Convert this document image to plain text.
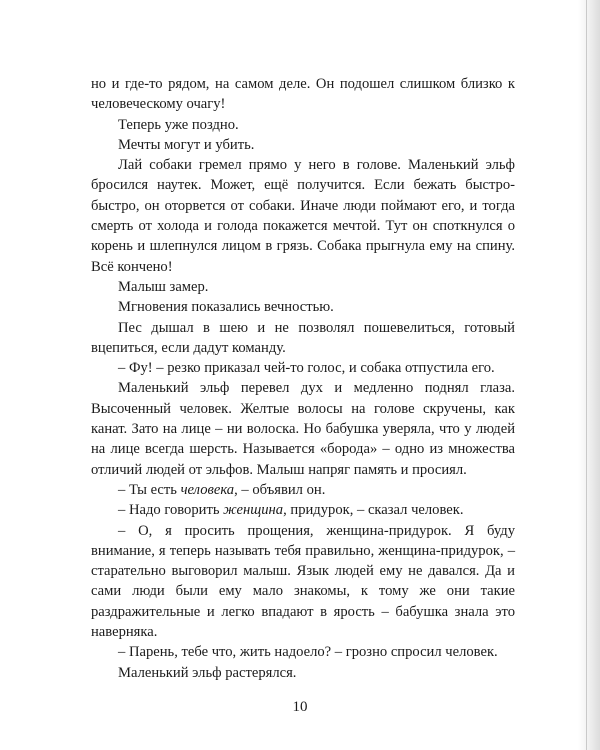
но и где-то рядом, на самом деле. Он подошел слишком близко к человеческому очагу!

Теперь уже поздно.

Мечты могут и убить.

Лай собаки гремел прямо у него в голове. Маленький эльф бросился наутек. Может, ещё получится. Если бежать быстро-быстро, он оторвется от собаки. Иначе люди поймают его, и тогда смерть от холода и голода покажется мечтой. Тут он споткнулся о корень и шлепнулся лицом в грязь. Собака прыгнула ему на спину. Всё кончено!

Малыш замер.

Мгновения показались вечностью.

Пес дышал в шею и не позволял пошевелиться, готовый вцепиться, если дадут команду.

– Фу! – резко приказал чей-то голос, и собака отпустила его.

Маленький эльф перевел дух и медленно поднял глаза. Высоченный человек. Желтые волосы на голове скручены, как канат. Зато на лице – ни волоска. Но бабушка уверяла, что у людей на лице всегда шерсть. Называется «борода» – одно из множества отличий людей от эльфов. Малыш напряг память и просиял.

– Ты есть человека, – объявил он.

– Надо говорить женщина, придурок, – сказал человек.

– О, я просить прощения, женщина-придурок. Я буду внимание, я теперь называть тебя правильно, женщина-придурок, – старательно выговорил малыш. Язык людей ему не давался. Да и сами люди были ему мало знакомы, к тому же они такие раздражительные и легко впадают в ярость – бабушка знала это наверняка.

– Парень, тебе что, жить надоело? – грозно спросил человек.

Маленький эльф растерялся.

10
